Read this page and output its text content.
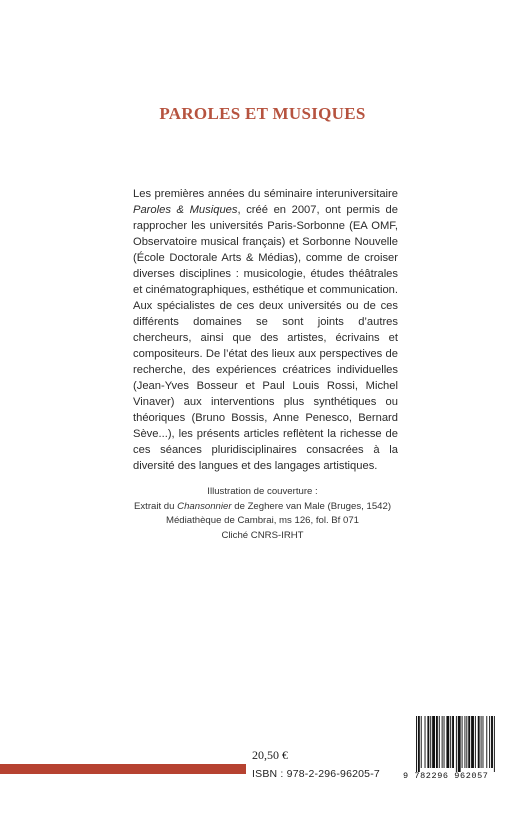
PAROLES ET MUSIQUES
Les premières années du séminaire interuniversitaire Paroles & Musiques, créé en 2007, ont permis de rapprocher les universités Paris-Sorbonne (EA OMF, Observatoire musical français) et Sorbonne Nouvelle (École Doctorale Arts & Médias), comme de croiser diverses disciplines : musicologie, études théâtrales et cinématographiques, esthétique et communication. Aux spécialistes de ces deux universités ou de ces différents domaines se sont joints d’autres chercheurs, ainsi que des artistes, écrivains et compositeurs. De l’état des lieux aux perspectives de recherche, des expériences créatrices individuelles (Jean-Yves Bosseur et Paul Louis Rossi, Michel Vinaver) aux interventions plus synthétiques ou théoriques (Bruno Bossis, Anne Penesco, Bernard Sève...), les présents articles reflètent la richesse de ces séances pluridisciplinaires consacrées à la diversité des langues et des langages artistiques.
Illustration de couverture :
Extrait du Chansonnier de Zeghere van Male (Bruges, 1542)
Médiathèque de Cambrai, ms 126, fol. Bf 071
Cliché CNRS-IRHT
20,50 €
ISBN : 978-2-296-96205-7	9 782296 962057
